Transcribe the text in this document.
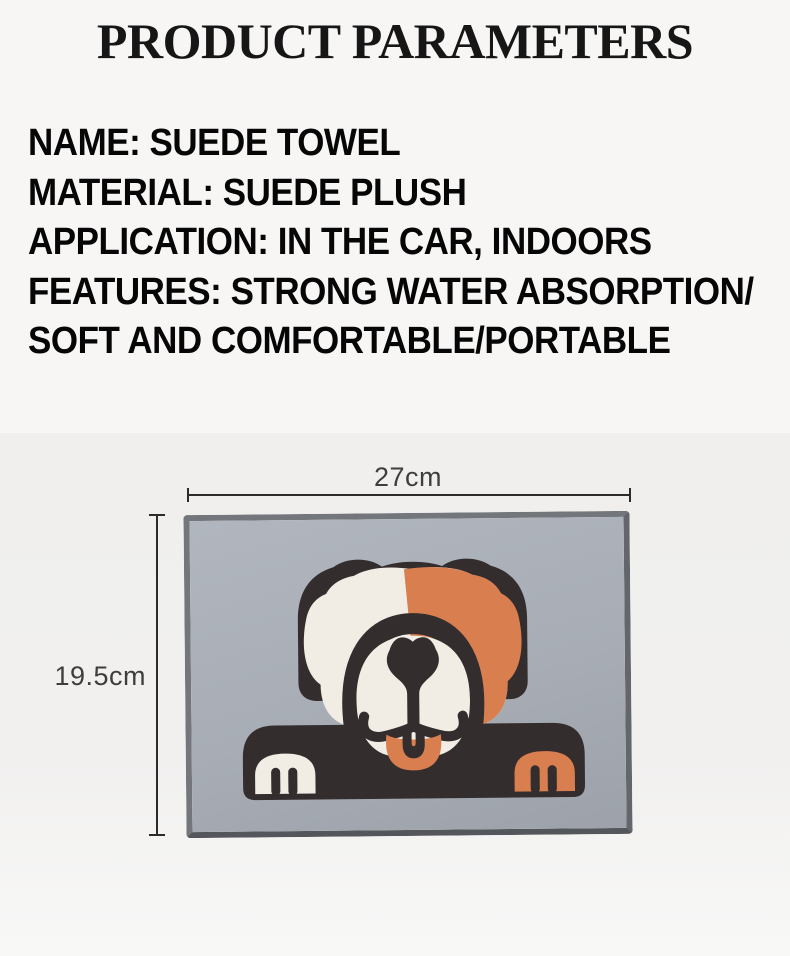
PRODUCT PARAMETERS
NAME: SUEDE TOWEL
MATERIAL: SUEDE PLUSH
APPLICATION: IN THE CAR, INDOORS
FEATURES: STRONG WATER ABSORPTION/
SOFT AND COMFORTABLE/PORTABLE
27cm
19.5cm
